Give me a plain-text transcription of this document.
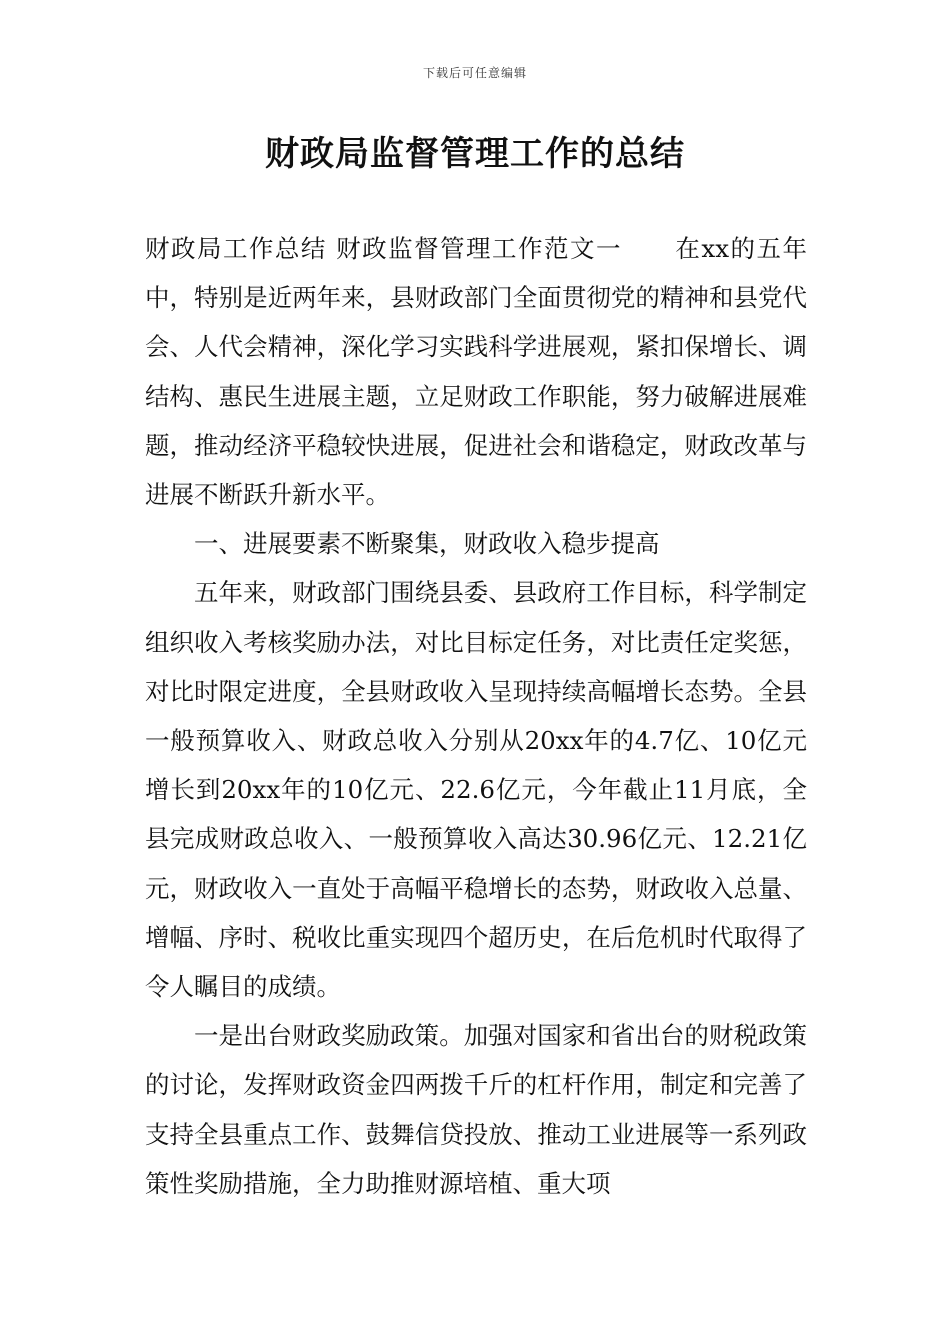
下载后可任意编辑
财政局监督管理工作的总结

财政局工作总结 财政监督管理工作范文一 在xx的五年中，特别是近两年来，县财政部门全面贯彻党的精神和县党代会、人代会精神，深化学习实践科学进展观，紧扣保增长、调结构、惠民生进展主题，立足财政工作职能，努力破解进展难题，推动经济平稳较快进展，促进社会和谐稳定，财政改革与进展不断跃升新水平。

一、进展要素不断聚集，财政收入稳步提高

五年来，财政部门围绕县委、县政府工作目标，科学制定组织收入考核奖励办法，对比目标定任务，对比责任定奖惩，对比时限定进度，全县财政收入呈现持续高幅增长态势。全县一般预算收入、财政总收入分别从20xx年的4.7亿、10亿元增长到20xx年的10亿元、22.6亿元，今年截止11月底，全县完成财政总收入、一般预算收入高达30.96亿元、12.21亿元，财政收入一直处于高幅平稳增长的态势，财政收入总量、增幅、序时、税收比重实现四个超历史，在后危机时代取得了令人瞩目的成绩。

一是出台财政奖励政策。加强对国家和省出台的财税政策的讨论，发挥财政资金四两拨千斤的杠杆作用，制定和完善了支持全县重点工作、鼓舞信贷投放、推动工业进展等一系列政策性奖励措施，全力助推财源培植、重大项
